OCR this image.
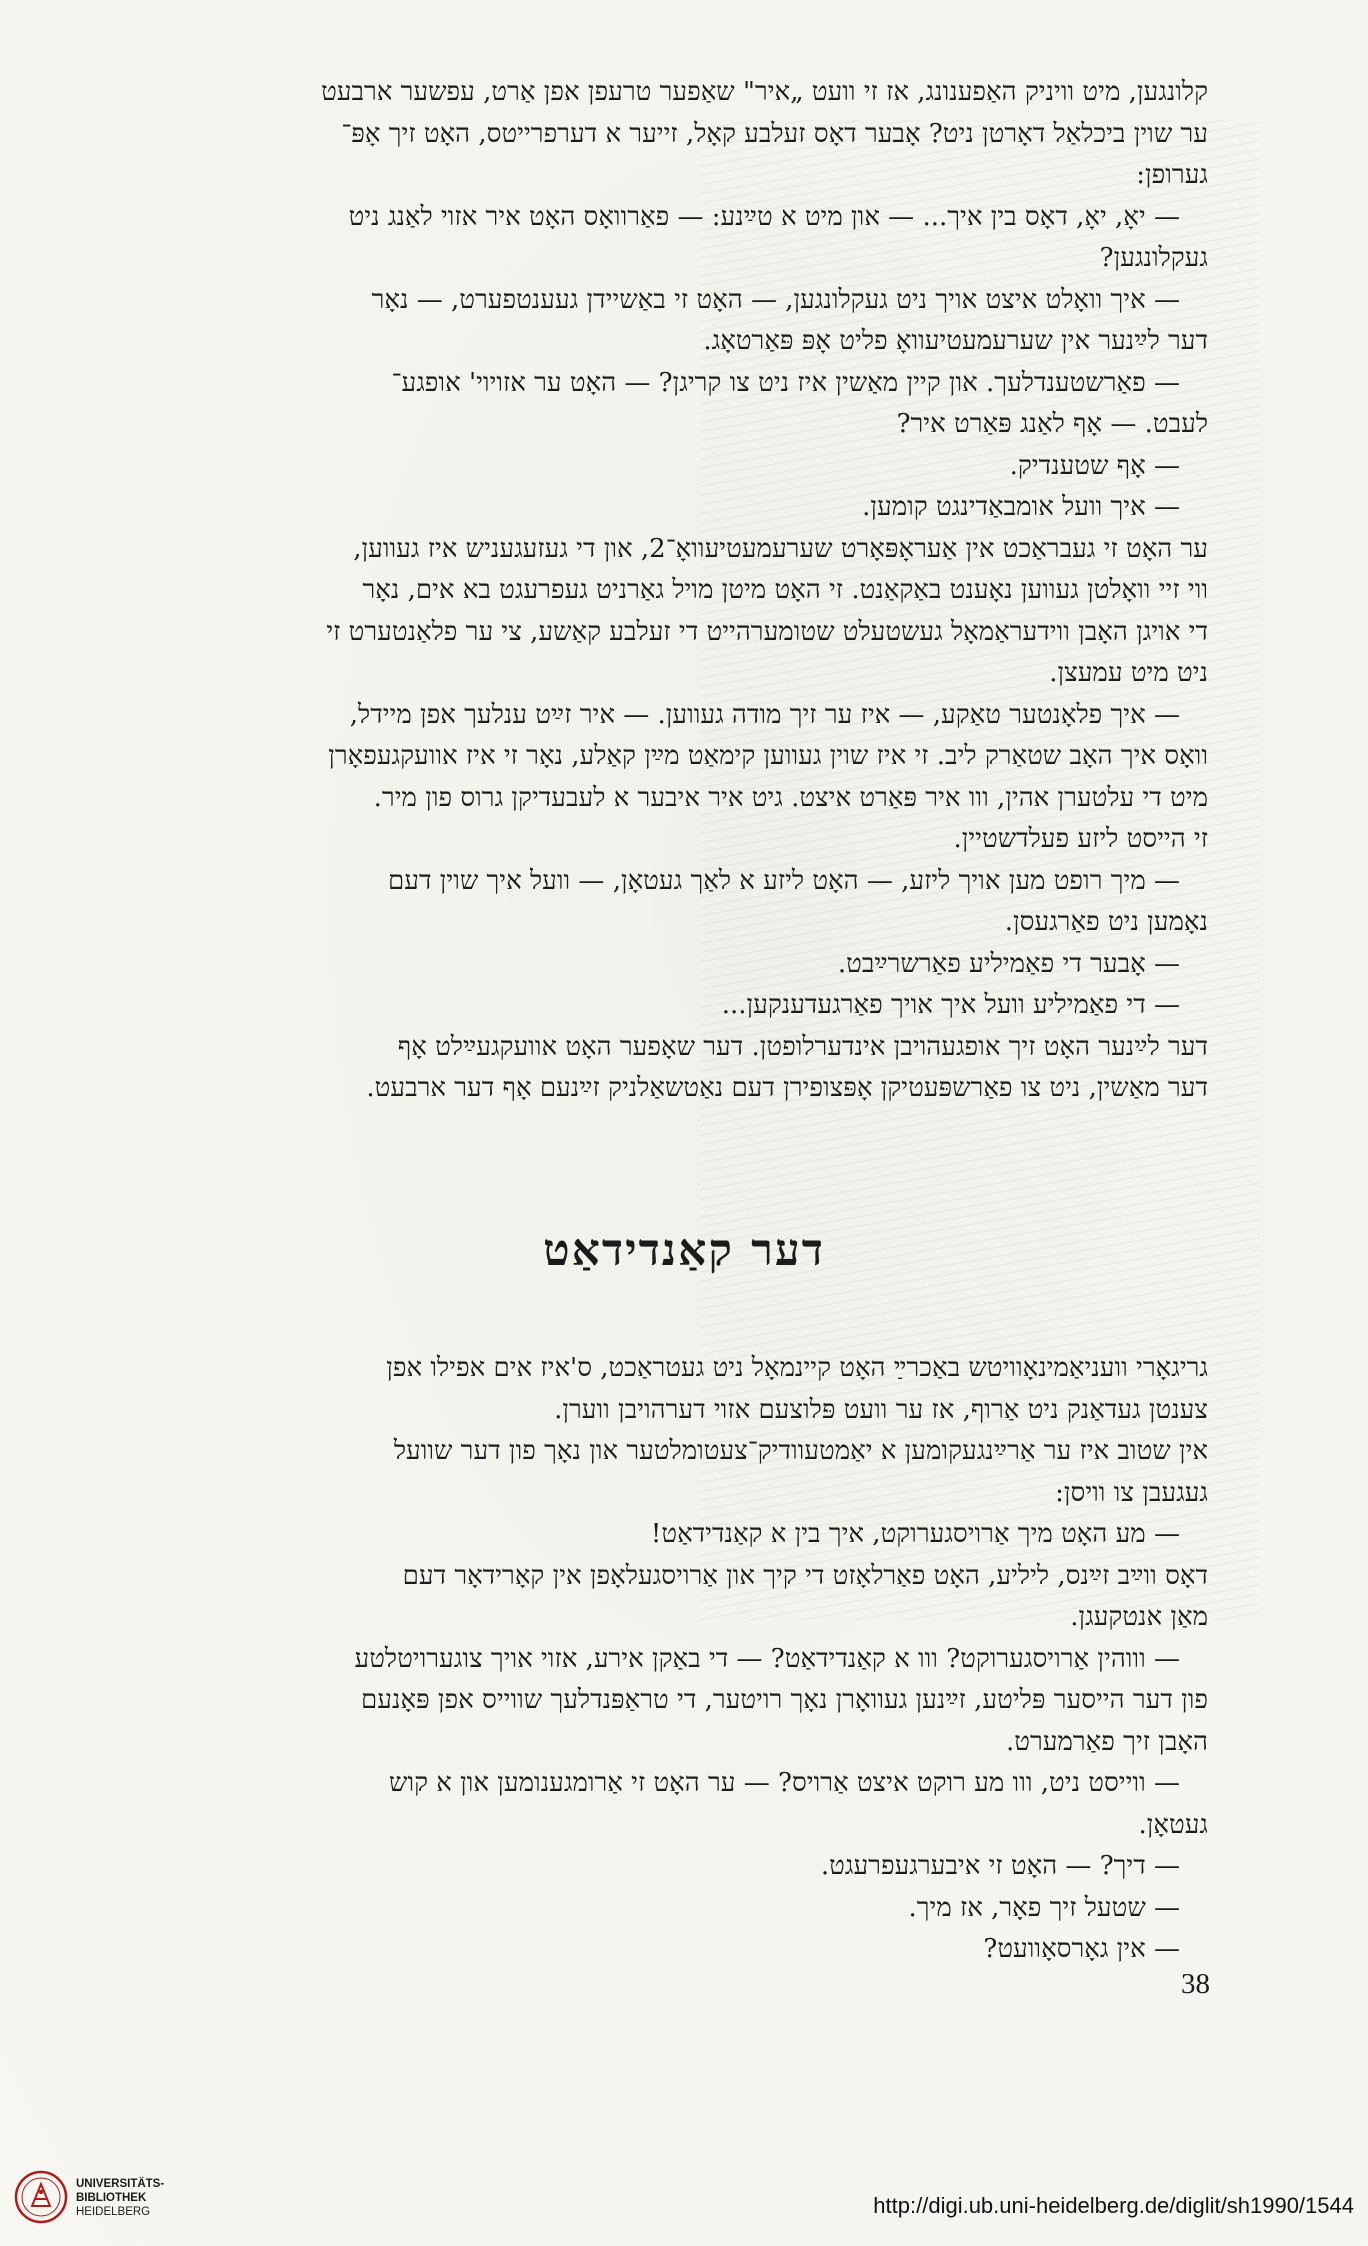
קלונגען, מיט וויניק האַפענונג, אז זי וועט „איר" שאַפער טרעפן אפן אַרט, עפשער ארבעט

ער שוין ביכלאַל דאָרטן ניט? אָבער דאָס זעלבע קאָל, זייער א דערפרייטס, האָט זיך אָפּ־

גערופן:

— יאָ, יאָ, דאָס בין איך... — און מיט א טײַנע: — פאַרוואָס האָט איר אזוי לאַנג ניט

געקלונגען?

— איך וואָלט איצט אויך ניט געקלונגען, — האָט זי באַשיידן געענטפערט, — נאָר

דער לײַנער אין שערעמעטיעוואָ פליט אָפּ פּאַרטאָג.

— פאַרשטענדלעך. און קיין מאַשין איז ניט צו קריגן? — האָט ער אזויוי' אופגע־

לעבט. — אָף לאַנג פּאַרט איר?

— אָף שטענדיק.

— איך וועל אומבאַדינגט קומען.

ער האָט זי געבראַכט אין אַעראָפּאָרט שערעמעטיעוואָ־2, און די געזעגעניש איז געווען,

ווי זיי וואָלטן געווען נאָענט באַקאַנט. זי האָט מיטן מויל גאַרניט געפרעגט בא אים, נאָר

די אויגן האָבן ווידעראַמאָל געשטעלט שטומערהייט די זעלבע קאַשע, צי ער פלאַנטערט זי

ניט מיט עמעצן.

— איך פלאָנטער טאַקע, — איז ער זיך מודה געווען. — איר זײַט ענלעך אפן מיידל,

וואָס איך האָב שטאַרק ליב. זי איז שוין געווען קימאַט מײַן קאַלע, נאָר זי איז אוועקגעפאָרן

מיט די עלטערן אהין, ווו איר פּאַרט איצט. גיט איר איבער א לעבעדיקן גרוס פון מיר.

זי הייסט ליזע פעלדשטיין.

— מיך רופט מען אויך ליזע, — האָט ליזע א לאַך געטאָן, — וועל איך שוין דעם

נאָמען ניט פאַרגעסן.

— אָבער די פאַמיליע פאַרשרײַבט.

— די פאַמיליע וועל איך אויך פאַרגעדענקען...

דער לײַנער האָט זיך אופגעהויבן אינדערלופטן. דער שאָפער האָט אוועקגעײַלט אָף

דער מאַשין, ניט צו פאַרשפּעטיקן אָפּצופירן דעם נאַטשאַלניק זײַנעם אָף דער ארבעט.

דער קאַנדידאַט

גריגאָרי וועניאַמינאָוויטש באַכרײַ האָט קיינמאָל ניט געטראַכט, ס'איז אים אפילו אפן

צענטן געדאַנק ניט אַרוף, אז ער וועט פּלוצעם אזוי דערהויבן ווערן.

אין שטוב איז ער אַרײַנגעקומען א יאַמטעוודיק־צעטומלטער און נאָך פון דער שוועל

געגעבן צו וויסן:

— מע האָט מיך אַרויסגערוקט, איך בין א קאַנדידאַט!

דאָס ווײַב זײַנס, ליליע, האָט פאַרלאָזט די קיך און אַרויסגעלאָפן אין קאָרידאָר דעם

מאַן אנטקעגן.

— וווהין אַרויסגערוקט? ווו א קאַנדידאַט? — די באַקן אירע, אזוי אויך צוגערויטלטע

פון דער הייסער פּליטע, זײַנען געוואָרן נאָך רויטער, די טראַפּנדלעך שווייס אפן פּאָנעם

האָבן זיך פאַרמערט.

— ווייסט ניט, ווו מע רוקט איצט אַרויס? — ער האָט זי אַרומגענומען און א קוש

געטאָן.

— דיך? — האָט זי איבערגעפרעגט.

— שטעל זיך פאָר, אז מיך.

— אין גאָרסאָוועט?

38
UNIVERSITÄTS-
BIBLIOTHEK
HEIDELBERG	http://digi.ub.uni-heidelberg.de/diglit/sh1990/1544
